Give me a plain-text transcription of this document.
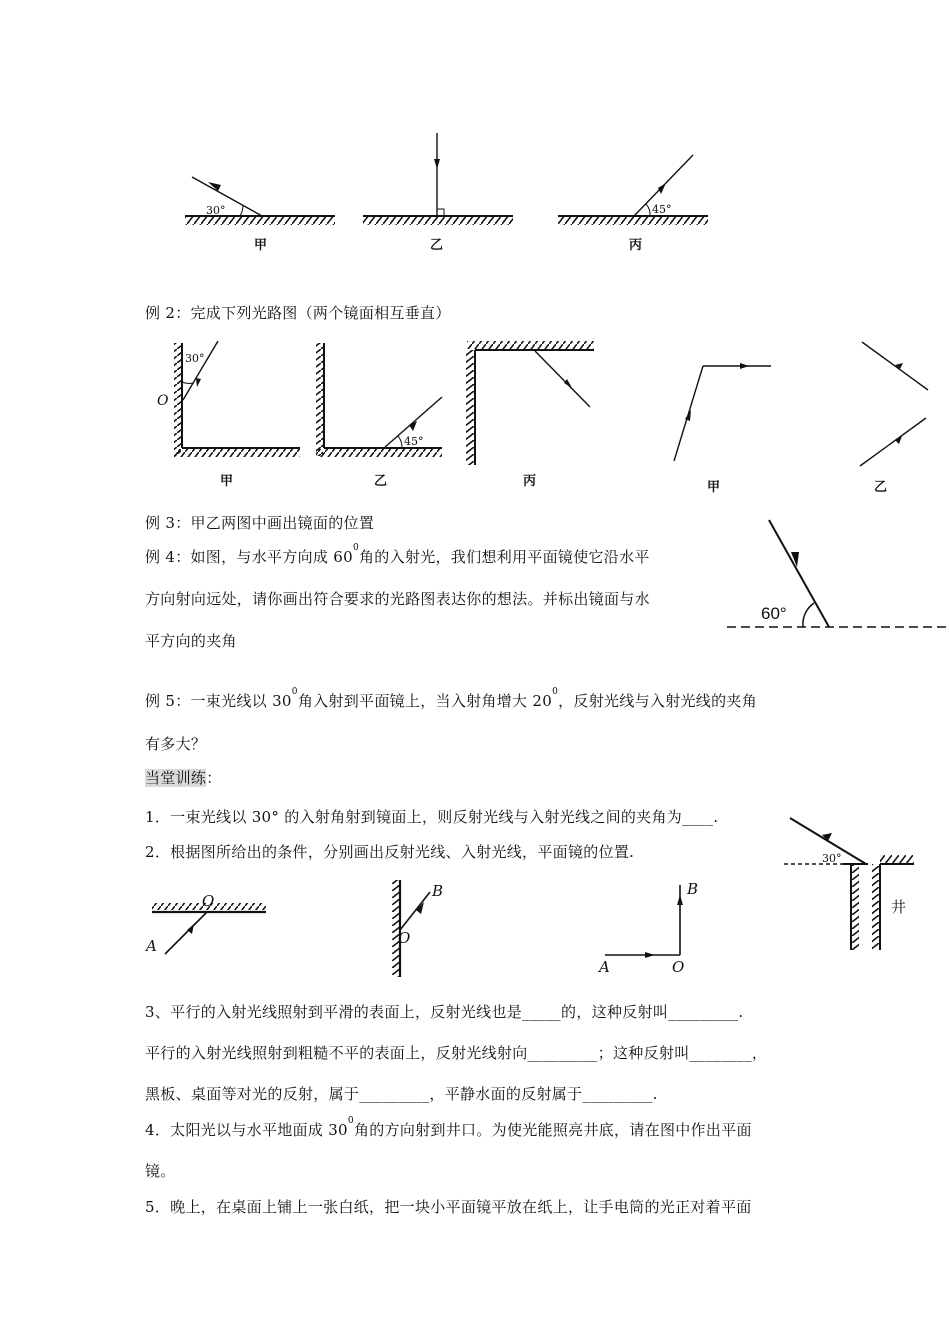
30°
甲	乙
45°
丙
例 2：完成下列光路图（两个镜面相互垂直）
30°
O
甲
45°
乙	丙	甲	乙
例 3：甲乙两图中画出镜面的位置
例 4：如图，与水平方向成 $60^0$角的入射光，我们想利用平面镜使它沿水平
方向射向远处，请你画出符合要求的光路图表达你的想法。并标出镜面与水
平方向的夹角
60°
例 5：一束光线以 $30^0$角入射到平面镜上，当入射角增大 $20^0$，反射光线与入射光线的夹角
有多大？
当堂训练：
1．一束光线以 30° 的入射角射到镜面上，则反射光线与入射光线之间的夹角为____.
2．根据图所给出的条件，分别画出反射光线、入射光线，平面镜的位置.
O
A
B
O
B
A	O
30°
井
3、平行的入射光线照射到平滑的表面上，反射光线也是_____的，这种反射叫_________.
平行的入射光线照射到粗糙不平的表面上，反射光线射向_________；这种反射叫________，
黑板、桌面等对光的反射，属于_________，平静水面的反射属于_________.
4．太阳光以与水平地面成 $30^0$角的方向射到井口。为使光能照亮井底，请在图中作出平面
镜。
5．晚上，在桌面上铺上一张白纸，把一块小平面镜平放在纸上，让手电筒的光正对着平面
